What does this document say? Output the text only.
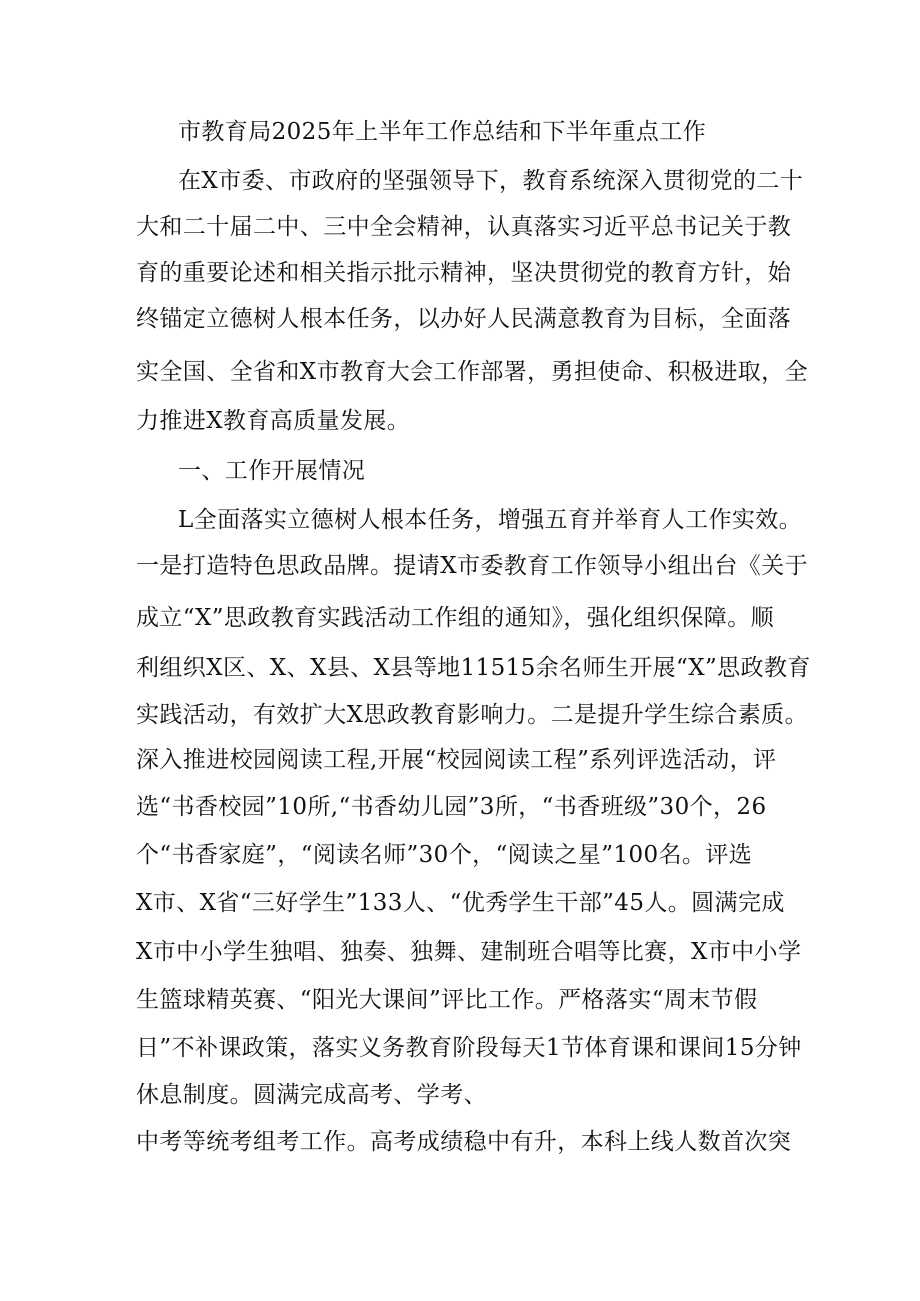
市教育局2025年上半年工作总结和下半年重点工作
在X市委、市政府的坚强领导下，教育系统深入贯彻党的二十
大和二十届二中、三中全会精神，认真落实习近平总书记关于教
育的重要论述和相关指示批示精神，坚决贯彻党的教育方针，始
终锚定立德树人根本任务，以办好人民满意教育为目标，全面落
实全国、全省和X市教育大会工作部署，勇担使命、积极进取，全
力推进X教育高质量发展。
一、工作开展情况
L全面落实立德树人根本任务，增强五育并举育人工作实效。
一是打造特色思政品牌。提请X市委教育工作领导小组出台《关于
成立“X”思政教育实践活动工作组的通知》，强化组织保障。顺
利组织X区、X、X县、X县等地11515余名师生开展“X”思政教育
实践活动，有效扩大X思政教育影响力。二是提升学生综合素质。
深入推进校园阅读工程,开展“校园阅读工程”系列评选活动，评
选“书香校园”10所,“书香幼儿园”3所，“书香班级”30个，26
个“书香家庭”，“阅读名师”30个，“阅读之星”100名。评选
X市、X省“三好学生”133人、“优秀学生干部”45人。圆满完成
X市中小学生独唱、独奏、独舞、建制班合唱等比赛，X市中小学
生篮球精英赛、“阳光大课间”评比工作。严格落实“周末节假
日”不补课政策，落实义务教育阶段每天1节体育课和课间15分钟
休息制度。圆满完成高考、学考、
中考等统考组考工作。高考成绩稳中有升，本科上线人数首次突
